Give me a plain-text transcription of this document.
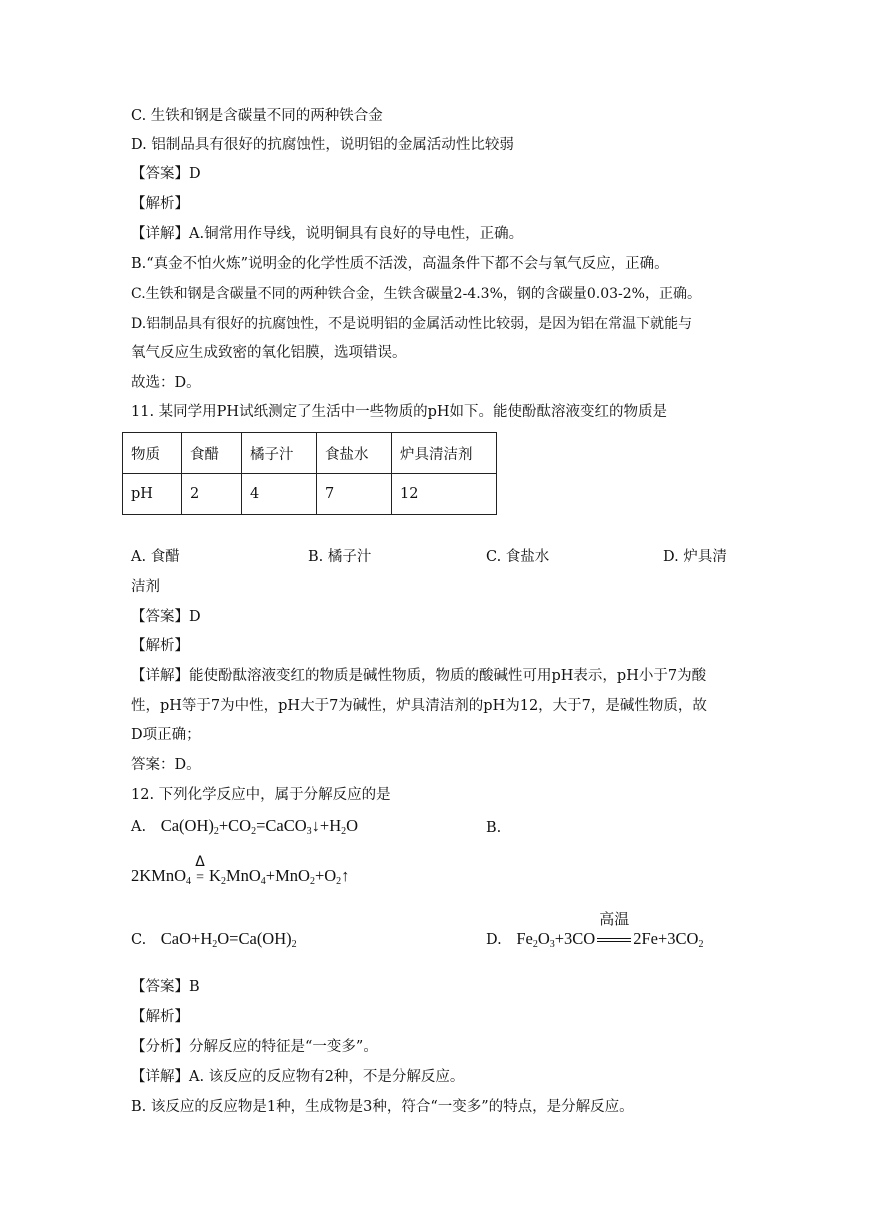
C. 生铁和钢是含碳量不同的两种铁合金
D. 铝制品具有很好的抗腐蚀性，说明铝的金属活动性比较弱
【答案】D
【解析】
【详解】A.铜常用作导线，说明铜具有良好的导电性，正确。
B.“真金不怕火炼”说明金的化学性质不活泼，高温条件下都不会与氧气反应，正确。
C.生铁和钢是含碳量不同的两种铁合金，生铁含碳量2-4.3%，钢的含碳量0.03-2%，正确。
D.铝制品具有很好的抗腐蚀性，不是说明铝的金属活动性比较弱，是因为铝在常温下就能与
氧气反应生成致密的氧化铝膜，选项错误。
故选：D。
11. 某同学用PH试纸测定了生活中一些物质的pH如下。能使酚酞溶液变红的物质是
物质	食醋	橘子汁	食盐水	炉具清洁剂
pH	2	4	7	12
A. 食醋	B. 橘子汁	C. 食盐水	D. 炉具清
洁剂
【答案】D
【解析】
【详解】能使酚酞溶液变红的物质是碱性物质，物质的酸碱性可用pH表示，pH小于7为酸
性，pH等于7为中性，pH大于7为碱性，炉具清洁剂的pH为12，大于7，是碱性物质，故
D项正确；
答案：D。
12. 下列化学反应中，属于分解反应的是
A. $Ca(OH)_2+CO_2=CaCO_3↓+H_2O$	B.
2KMnO$_4$
Δ
= $K_2MnO_4+MnO_2+O_2↑$
C. $CaO+H_2O=Ca(OH)_2$	D. $Fe_2O_3+3CO$
高温
$2Fe+3CO_2$
【答案】B
【解析】
【分析】分解反应的特征是“一变多”。
【详解】A. 该反应的反应物有2种，不是分解反应。
B. 该反应的反应物是1种，生成物是3种，符合“一变多”的特点，是分解反应。
